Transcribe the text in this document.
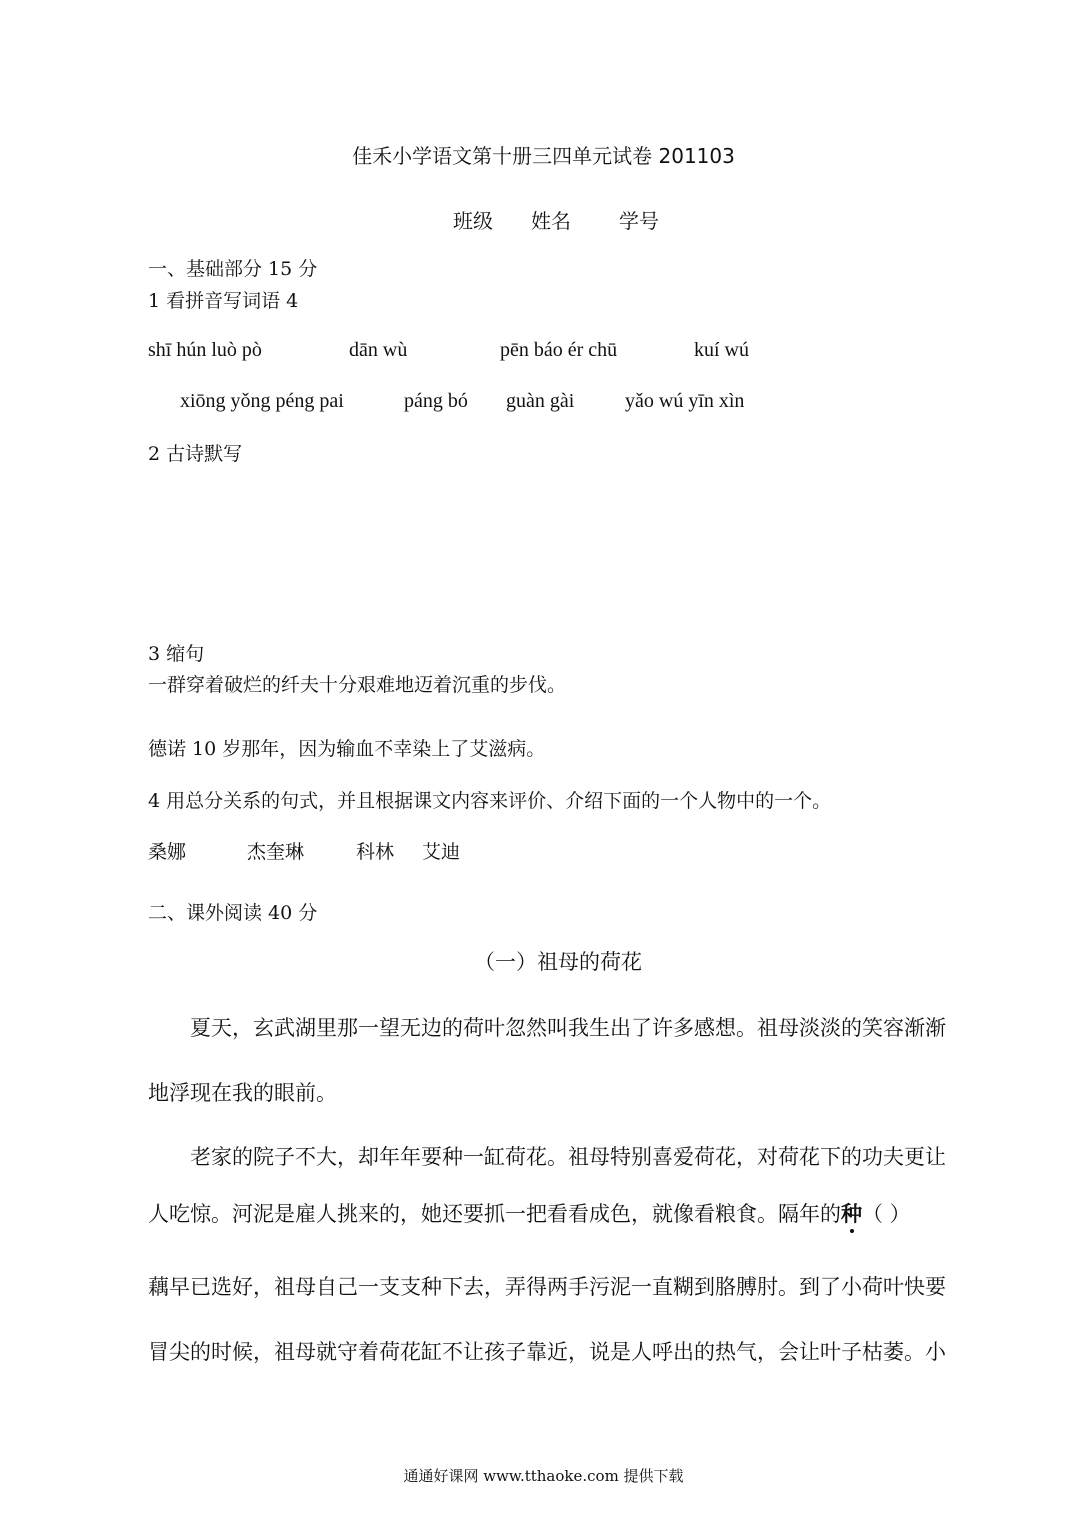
佳禾小学语文第十册三四单元试卷 201103
班级 姓名 学号
一、基础部分 15 分
1 看拼音写词语 4
shī hún luò pò	dān wù	pēn báo ér chū	kuí wú
xiōng yǒng péng pai	páng bó guàn gài	yǎo wú yīn xìn
2 古诗默写
3 缩句
一群穿着破烂的纤夫十分艰难地迈着沉重的步伐。
德诺 10 岁那年，因为输血不幸染上了艾滋病。
4 用总分关系的句式，并且根据课文内容来评价、介绍下面的一个人物中的一个。
桑娜	杰奎琳	科林 艾迪
二、课外阅读 40 分
（一）祖母的荷花
夏天，玄武湖里那一望无边的荷叶忽然叫我生出了许多感想。祖母淡淡的笑容渐渐
地浮现在我的眼前。
老家的院子不大，却年年要种一缸荷花。祖母特别喜爱荷花，对荷花下的功夫更让
人吃惊。河泥是雇人挑来的，她还要抓一把看看成色，就像看粮食。隔年的种（ ）
藕早已选好，祖母自己一支支种下去，弄得两手污泥一直糊到胳膊肘。到了小荷叶快要
冒尖的时候，祖母就守着荷花缸不让孩子靠近，说是人呼出的热气，会让叶子枯萎。小
通通好课网 www.tthaoke.com 提供下载
